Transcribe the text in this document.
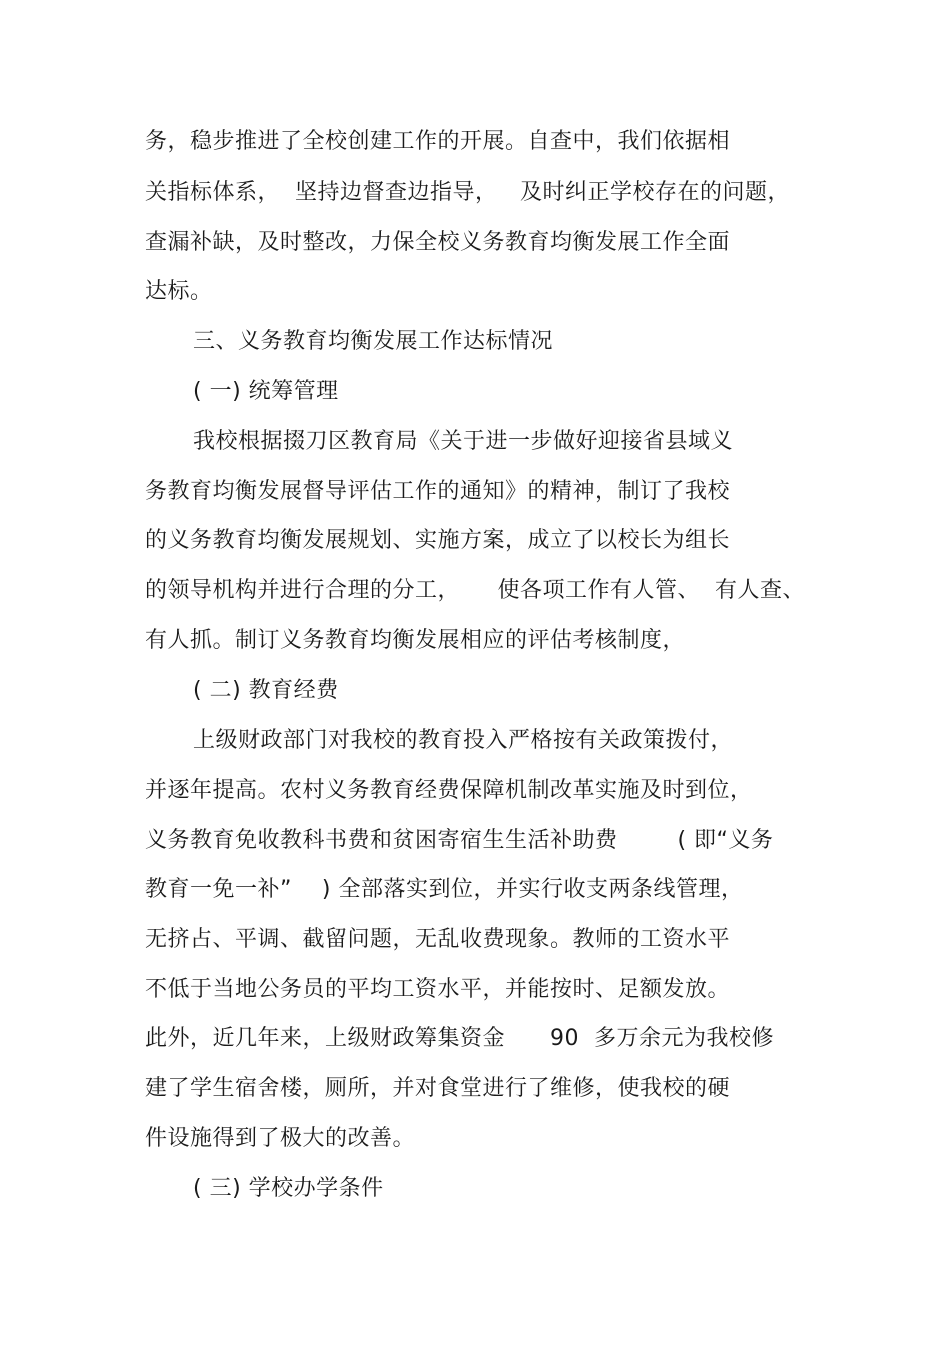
务，稳步推进了全校创建工作的开展。自查中，我们依据相
关指标体系，  坚持边督查边指导，   及时纠正学校存在的问题，
查漏补缺，及时整改，力保全校义务教育均衡发展工作全面
达标。
三、义务教育均衡发展工作达标情况
( 一) 统筹管理
我校根据掇刀区教育局《关于进一步做好迎接省县域义
务教育均衡发展督导评估工作的通知》的精神，制订了我校
的义务教育均衡发展规划、实施方案，成立了以校长为组长
的领导机构并进行合理的分工，     使各项工作有人管、  有人查、
有人抓。制订义务教育均衡发展相应的评估考核制度，
( 二) 教育经费
上级财政部门对我校的教育投入严格按有关政策拨付，
并逐年提高。农村义务教育经费保障机制改革实施及时到位，
义务教育免收教科书费和贫困寄宿生生活补助费        ( 即“义务
教育一免一补”    ) 全部落实到位，并实行收支两条线管理，
无挤占、平调、截留问题，无乱收费现象。教师的工资水平
不低于当地公务员的平均工资水平，并能按时、足额发放。
此外，近几年来，上级财政筹集资金      90  多万余元为我校修
建了学生宿舍楼，厕所，并对食堂进行了维修，使我校的硬
件设施得到了极大的改善。
( 三) 学校办学条件
